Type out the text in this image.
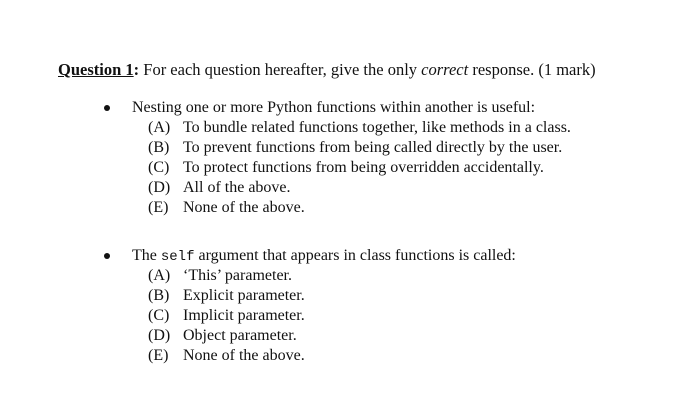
Question 1: For each question hereafter, give the only correct response. (1 mark)
Nesting one or more Python functions within another is useful:
(A) To bundle related functions together, like methods in a class.
(B) To prevent functions from being called directly by the user.
(C) To protect functions from being overridden accidentally.
(D) All of the above.
(E) None of the above.
The self argument that appears in class functions is called:
(A) ‘This’ parameter.
(B) Explicit parameter.
(C) Implicit parameter.
(D) Object parameter.
(E) None of the above.
